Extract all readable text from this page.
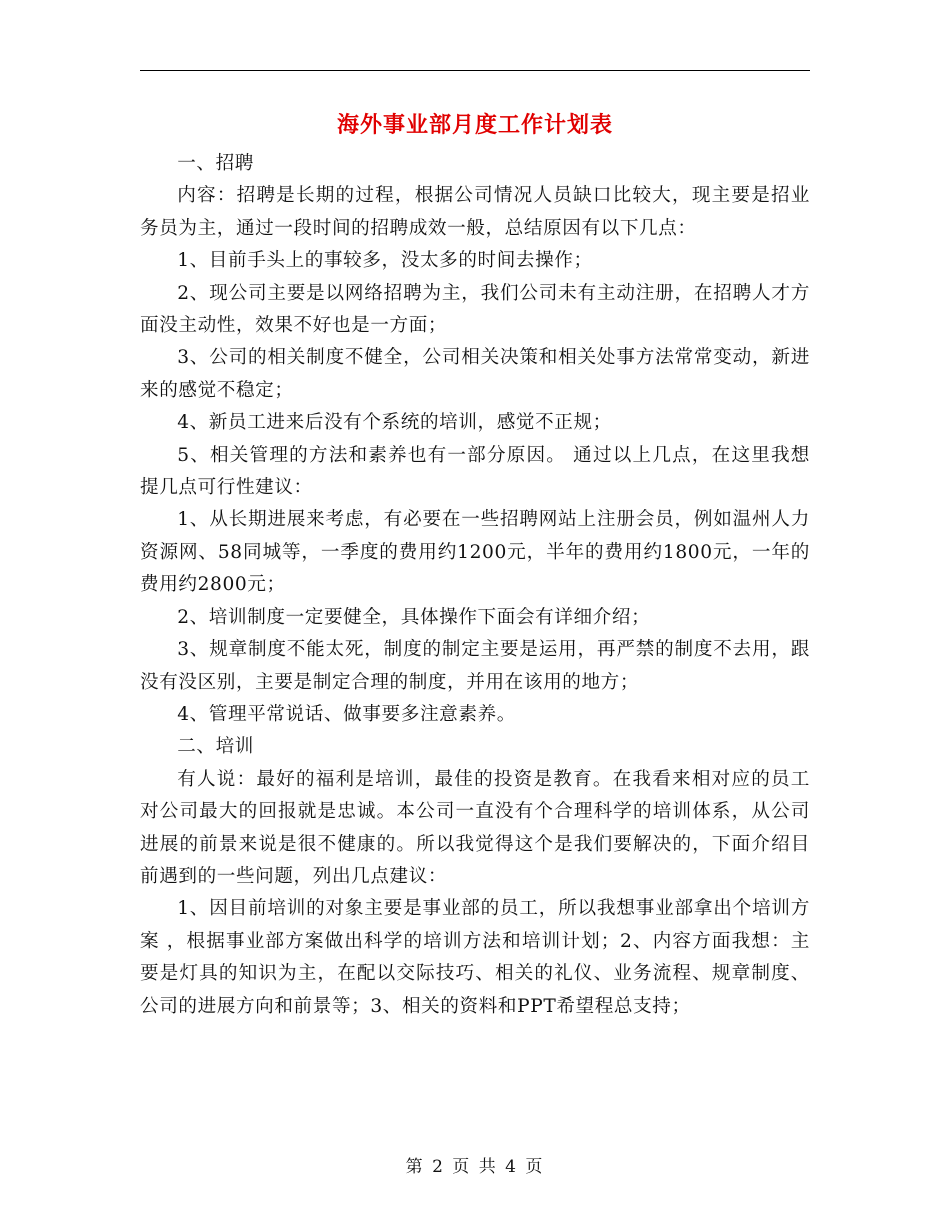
海外事业部月度工作计划表

一、招聘

内容：招聘是长期的过程，根据公司情况人员缺口比较大，现主要是招业务员为主，通过一段时间的招聘成效一般，总结原因有以下几点：

1、目前手头上的事较多，没太多的时间去操作；

2、现公司主要是以网络招聘为主，我们公司未有主动注册，在招聘人才方面没主动性，效果不好也是一方面；

3、公司的相关制度不健全，公司相关决策和相关处事方法常常变动，新进来的感觉不稳定；

4、新员工进来后没有个系统的培训，感觉不正规；

5、相关管理的方法和素养也有一部分原因。 通过以上几点，在这里我想提几点可行性建议：

1、从长期进展来考虑，有必要在一些招聘网站上注册会员，例如温州人力资源网、58同城等，一季度的费用约1200元，半年的费用约1800元，一年的费用约2800元；

2、培训制度一定要健全，具体操作下面会有详细介绍；

3、规章制度不能太死，制度的制定主要是运用，再严禁的制度不去用，跟没有没区别，主要是制定合理的制度，并用在该用的地方；

4、管理平常说话、做事要多注意素养。

二、培训

有人说：最好的福利是培训，最佳的投资是教育。在我看来相对应的员工对公司最大的回报就是忠诚。本公司一直没有个合理科学的培训体系，从公司进展的前景来说是很不健康的。所以我觉得这个是我们要解决的，下面介绍目前遇到的一些问题，列出几点建议：

1、因目前培训的对象主要是事业部的员工，所以我想事业部拿出个培训方案 ，根据事业部方案做出科学的培训方法和培训计划；2、内容方面我想：主要是灯具的知识为主，在配以交际技巧、相关的礼仪、业务流程、规章制度、公司的进展方向和前景等；3、相关的资料和PPT希望程总支持；

第 2 页 共 4 页
